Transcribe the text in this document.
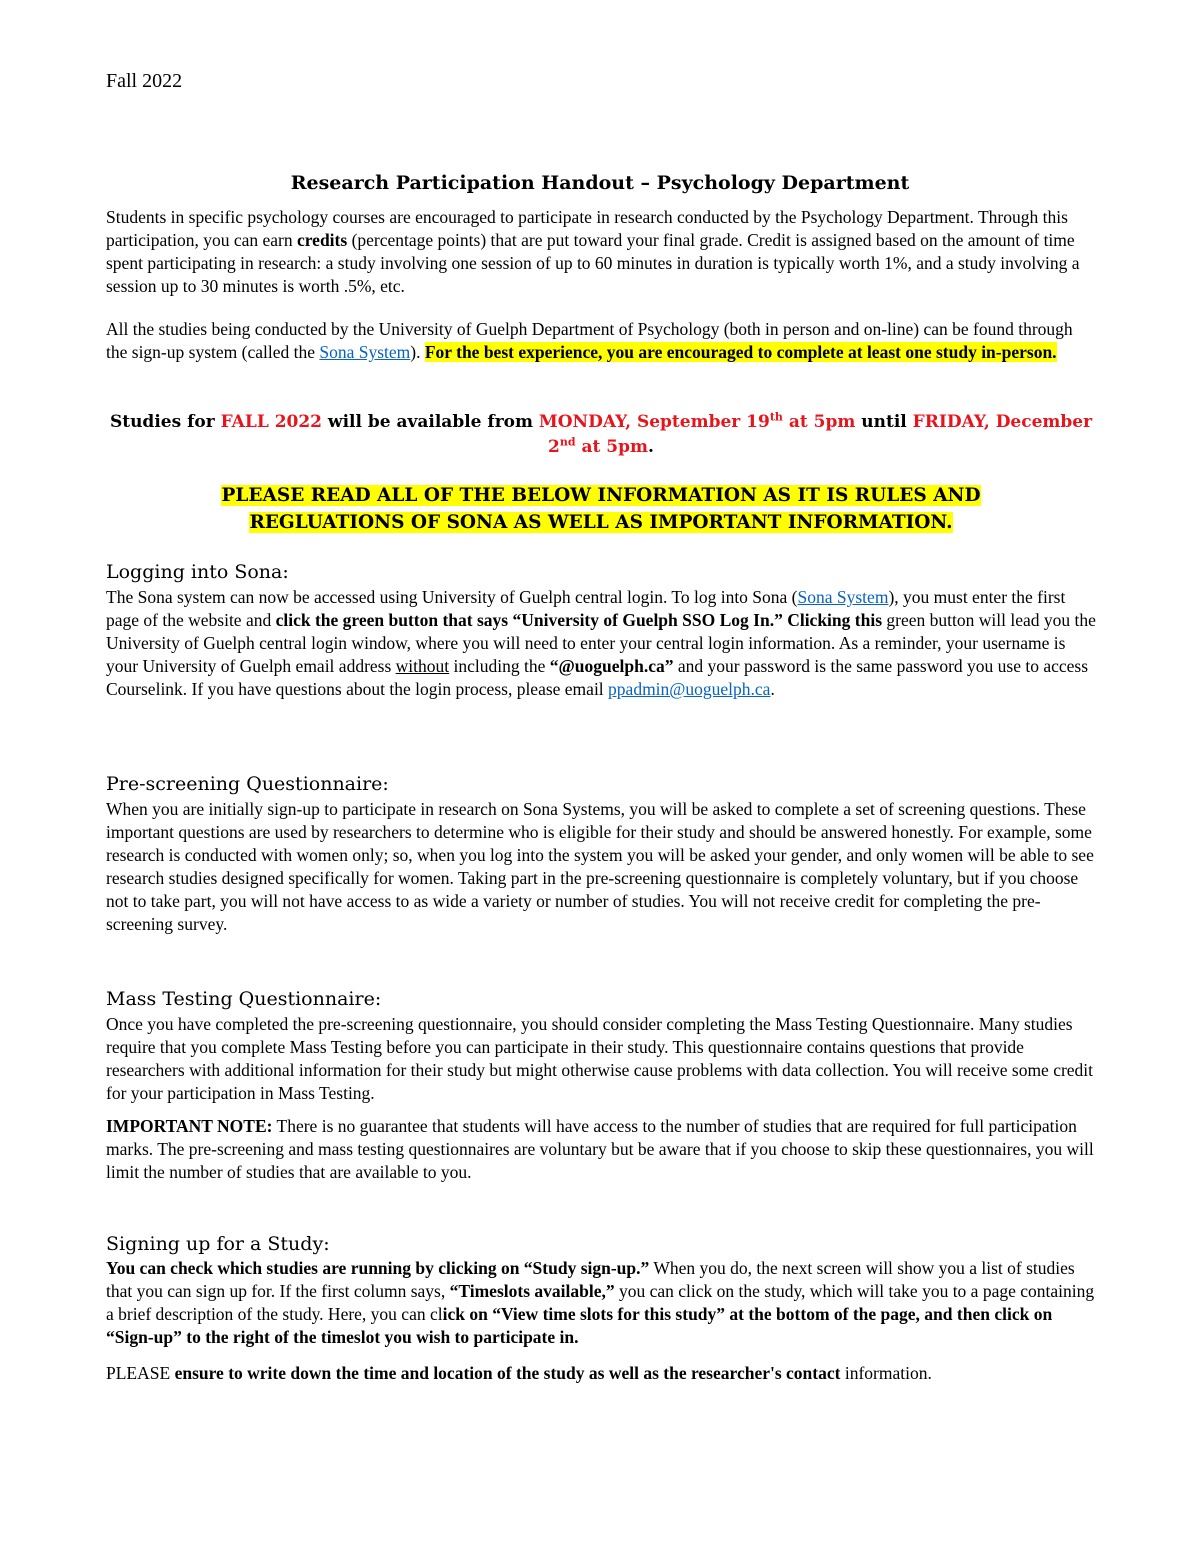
Fall 2022
Research Participation Handout – Psychology Department
Students in specific psychology courses are encouraged to participate in research conducted by the Psychology Department. Through this participation, you can earn credits (percentage points) that are put toward your final grade. Credit is assigned based on the amount of time spent participating in research: a study involving one session of up to 60 minutes in duration is typically worth 1%, and a study involving a session up to 30 minutes is worth .5%, etc.
All the studies being conducted by the University of Guelph Department of Psychology (both in person and on-line) can be found through the sign-up system (called the Sona System). For the best experience, you are encouraged to complete at least one study in-person.
Studies for FALL 2022 will be available from MONDAY, September 19th at 5pm until FRIDAY, December 2nd at 5pm.
PLEASE READ ALL OF THE BELOW INFORMATION AS IT IS RULES AND
REGLUATIONS OF SONA AS WELL AS IMPORTANT INFORMATION.
Logging into Sona:
The Sona system can now be accessed using University of Guelph central login. To log into Sona (Sona System), you must enter the first page of the website and click the green button that says “University of Guelph SSO Log In.” Clicking this green button will lead you the University of Guelph central login window, where you will need to enter your central login information. As a reminder, your username is your University of Guelph email address without including the “@uoguelph.ca” and your password is the same password you use to access Courselink. If you have questions about the login process, please email ppadmin@uoguelph.ca.
Pre-screening Questionnaire:
When you are initially sign-up to participate in research on Sona Systems, you will be asked to complete a set of screening questions. These important questions are used by researchers to determine who is eligible for their study and should be answered honestly. For example, some research is conducted with women only; so, when you log into the system you will be asked your gender, and only women will be able to see research studies designed specifically for women. Taking part in the pre-screening questionnaire is completely voluntary, but if you choose not to take part, you will not have access to as wide a variety or number of studies. You will not receive credit for completing the pre-screening survey.
Mass Testing Questionnaire:
Once you have completed the pre-screening questionnaire, you should consider completing the Mass Testing Questionnaire. Many studies require that you complete Mass Testing before you can participate in their study. This questionnaire contains questions that provide researchers with additional information for their study but might otherwise cause problems with data collection. You will receive some credit for your participation in Mass Testing.
IMPORTANT NOTE: There is no guarantee that students will have access to the number of studies that are required for full participation marks. The pre-screening and mass testing questionnaires are voluntary but be aware that if you choose to skip these questionnaires, you will limit the number of studies that are available to you.
Signing up for a Study:
You can check which studies are running by clicking on “Study sign-up.” When you do, the next screen will show you a list of studies that you can sign up for. If the first column says, “Timeslots available,” you can click on the study, which will take you to a page containing a brief description of the study. Here, you can click on “View time slots for this study” at the bottom of the page, and then click on “Sign-up” to the right of the timeslot you wish to participate in.
PLEASE ensure to write down the time and location of the study as well as the researcher's contact information.
